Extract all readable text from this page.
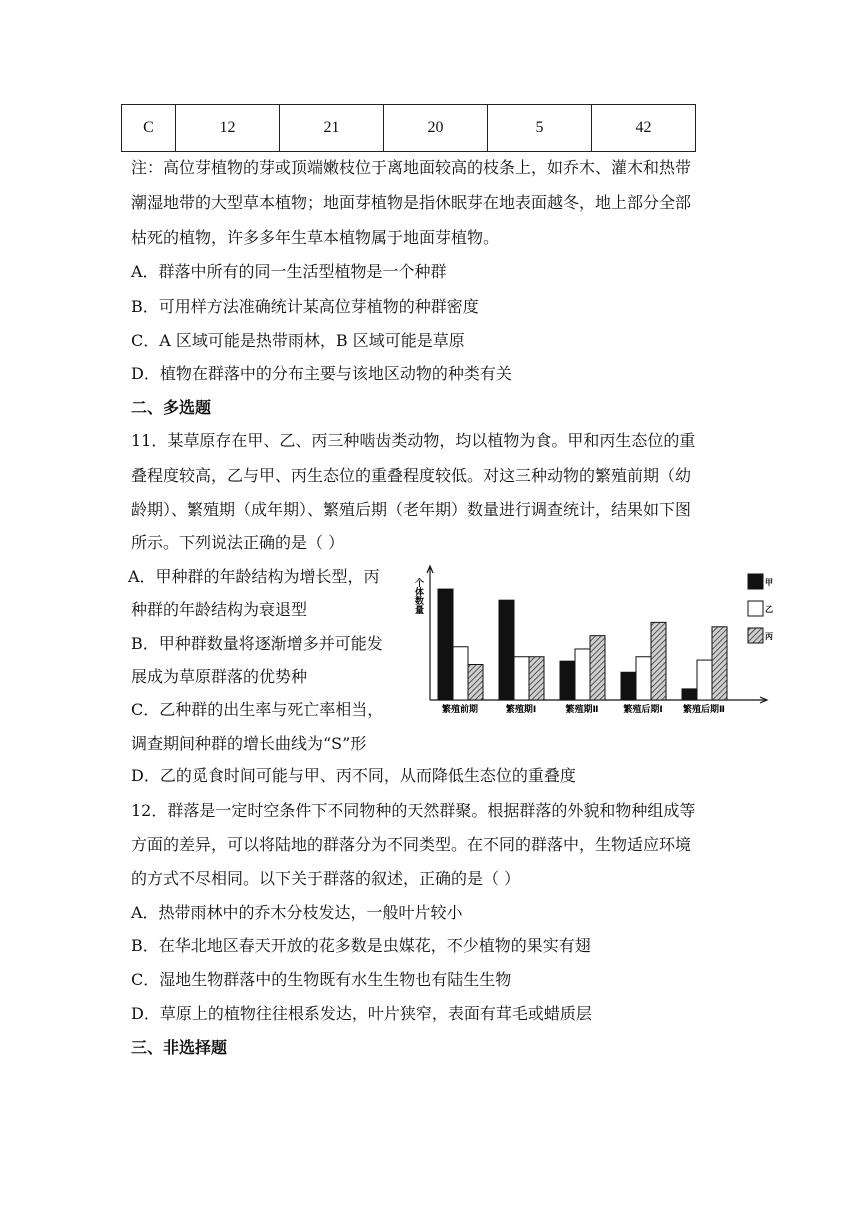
C	12	21	20	5	42
注：高位芽植物的芽或顶端嫩枝位于离地面较高的枝条上，如乔木、灌木和热带
潮湿地带的大型草本植物；地面芽植物是指休眠芽在地表面越冬，地上部分全部
枯死的植物，许多多年生草本植物属于地面芽植物。
A．群落中所有的同一生活型植物是一个种群
B．可用样方法准确统计某高位芽植物的种群密度
C．A 区域可能是热带雨林，B 区域可能是草原
D．植物在群落中的分布主要与该地区动物的种类有关
二、多选题
11．某草原存在甲、乙、丙三种啮齿类动物，均以植物为食。甲和丙生态位的重
叠程度较高，乙与甲、丙生态位的重叠程度较低。对这三种动物的繁殖前期（幼
龄期）、繁殖期（成年期）、繁殖后期（老年期）数量进行调查统计，结果如下图
所示。下列说法正确的是（ ）
A．甲种群的年龄结构为增长型，丙
种群的年龄结构为衰退型
B．甲种群数量将逐渐增多并可能发
展成为草原群落的优势种
C．乙种群的出生率与死亡率相当，
调查期间种群的增长曲线为“S”形
个体数量
繁殖前期	繁殖期Ⅰ	繁殖期Ⅱ	繁殖后期Ⅰ 繁殖后期Ⅱ
甲
乙
丙
D．乙的觅食时间可能与甲、丙不同，从而降低生态位的重叠度
12．群落是一定时空条件下不同物种的天然群聚。根据群落的外貌和物种组成等
方面的差异，可以将陆地的群落分为不同类型。在不同的群落中，生物适应环境
的方式不尽相同。以下关于群落的叙述，正确的是（ ）
A．热带雨林中的乔木分枝发达，一般叶片较小
B．在华北地区春天开放的花多数是虫媒花，不少植物的果实有翅
C．湿地生物群落中的生物既有水生生物也有陆生生物
D．草原上的植物往往根系发达，叶片狭窄，表面有茸毛或蜡质层
三、非选择题
